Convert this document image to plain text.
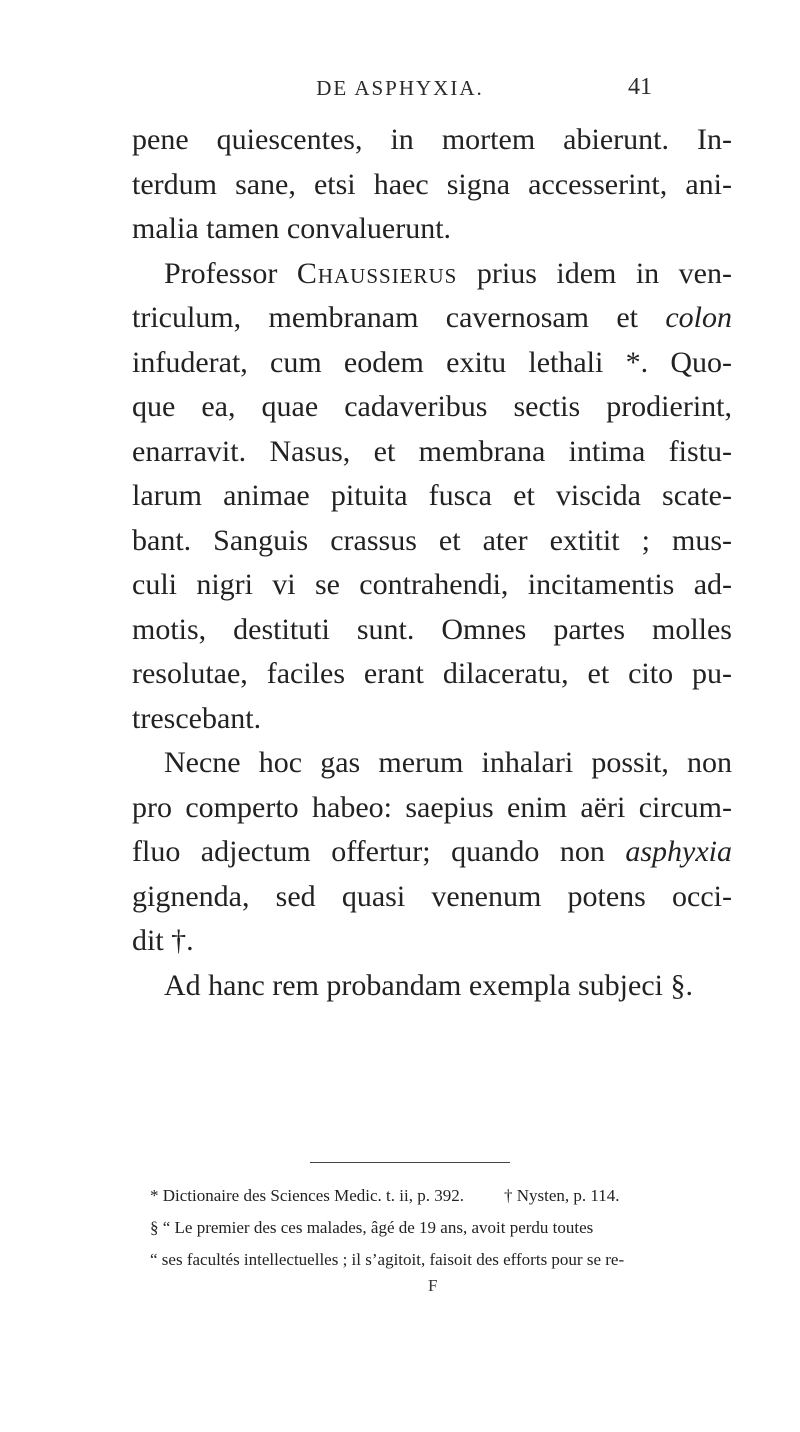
DE ASPHYXIA.	41
pene quiescentes, in mortem abierunt. In-
terdum sane, etsi haec signa accesserint, ani-
malia tamen convaluerunt.
Professor Chaussierus prius idem in ven-
triculum, membranam cavernosam et colon
infuderat, cum eodem exitu lethali *. Quo-
que ea, quae cadaveribus sectis prodierint,
enarravit. Nasus, et membrana intima fistu-
larum animae pituita fusca et viscida scate-
bant. Sanguis crassus et ater extitit ; mus-
culi nigri vi se contrahendi, incitamentis ad-
motis, destituti sunt. Omnes partes molles
resolutae, faciles erant dilaceratu, et cito pu-
trescebant.
Necne hoc gas merum inhalari possit, non
pro comperto habeo: saepius enim aëri circum-
fluo adjectum offertur; quando non asphyxia
gignenda, sed quasi venenum potens occi-
dit †.
Ad hanc rem probandam exempla subjeci §.
* Dictionaire des Sciences Medic. t. ii, p. 392. † Nysten, p. 114.
§ “ Le premier des ces malades, âgé de 19 ans, avoit perdu toutes
“ ses facultés intellectuelles ; il s’agitoit, faisoit des efforts pour se re-
F
